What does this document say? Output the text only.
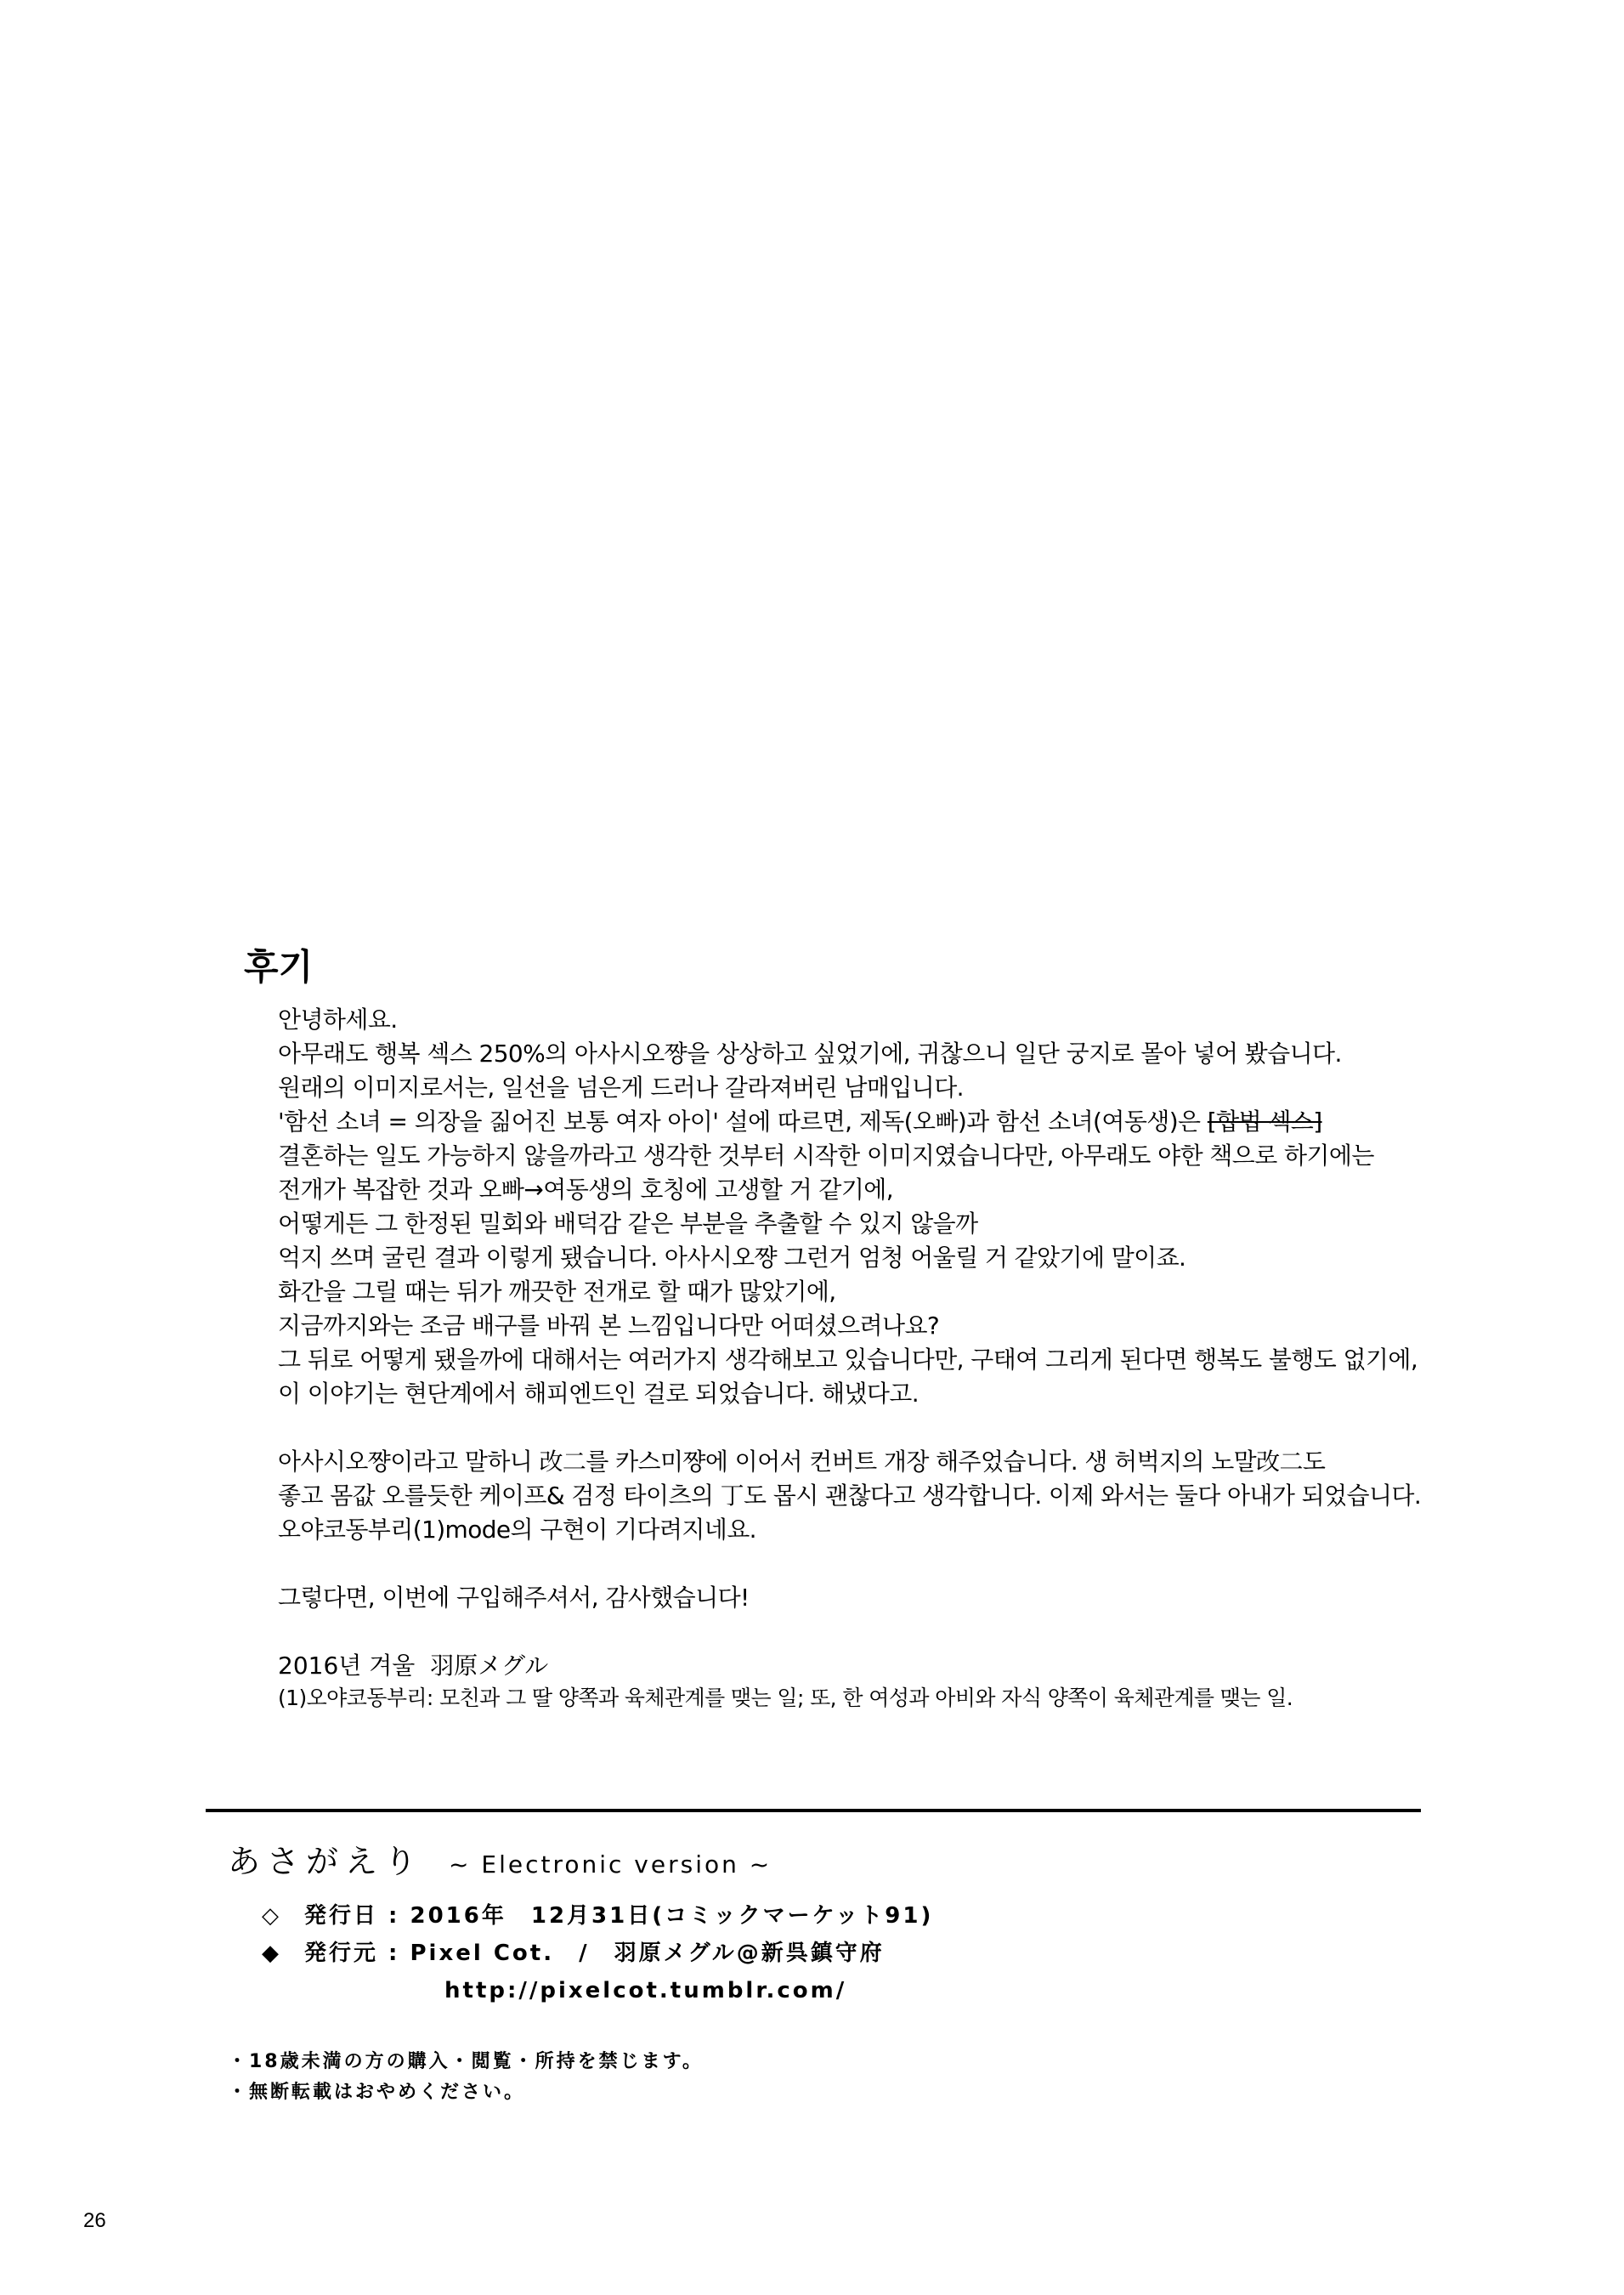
후기
안녕하세요.
아무래도 행복 섹스 250%의 아사시오쨩을 상상하고 싶었기에, 귀찮으니 일단 궁지로 몰아 넣어 봤습니다.
원래의 이미지로서는, 일선을 넘은게 드러나 갈라져버린 남매입니다.
'함선 소녀 = 의장을 짊어진 보통 여자 아이' 설에 따르면, 제독(오빠)과 함선 소녀(여동생)은 [합법 섹스]
결혼하는 일도 가능하지 않을까라고 생각한 것부터 시작한 이미지였습니다만, 아무래도 야한 책으로 하기에는
전개가 복잡한 것과 오빠→여동생의 호칭에 고생할 거 같기에,
어떻게든 그 한정된 밀회와 배덕감 같은 부분을 추출할 수 있지 않을까
억지 쓰며 굴린 결과 이렇게 됐습니다. 아사시오쨩 그런거 엄청 어울릴 거 같았기에 말이죠.
화간을 그릴 때는 뒤가 깨끗한 전개로 할 때가 많았기에,
지금까지와는 조금 배구를 바꿔 본 느낌입니다만 어떠셨으려나요?
그 뒤로 어떻게 됐을까에 대해서는 여러가지 생각해보고 있습니다만, 구태여 그리게 된다면 행복도 불행도 없기에,
이 이야기는 현단계에서 해피엔드인 걸로 되었습니다. 해냈다고.
아사시오쨩이라고 말하니 改二를 카스미쨩에 이어서 컨버트 개장 해주었습니다. 생 허벅지의 노말改二도
좋고 몸값 오를듯한 케이프& 검정 타이츠의 丁도 몹시 괜찮다고 생각합니다. 이제 와서는 둘다 아내가 되었습니다.
오야코동부리(1)mode의 구현이 기다려지네요.
그렇다면, 이번에 구입해주셔서, 감사했습니다!
2016년 겨울 羽原メグル
(1)오야코동부리: 모친과 그 딸 양쪽과 육체관계를 맺는 일; 또, 한 여성과 아비와 자식 양쪽이 육체관계를 맺는 일.
あさがえり ~ Electronic version ~
◇ 発行日 : 2016年　12月31日(コミックマーケット91)
◆ 発行元 : Pixel Cot.　/　羽原メグル@新呉鎮守府
http://pixelcot.tumblr.com/
・18歳未満の方の購入・閲覧・所持を禁じます。
・無断転載はおやめください。
26
